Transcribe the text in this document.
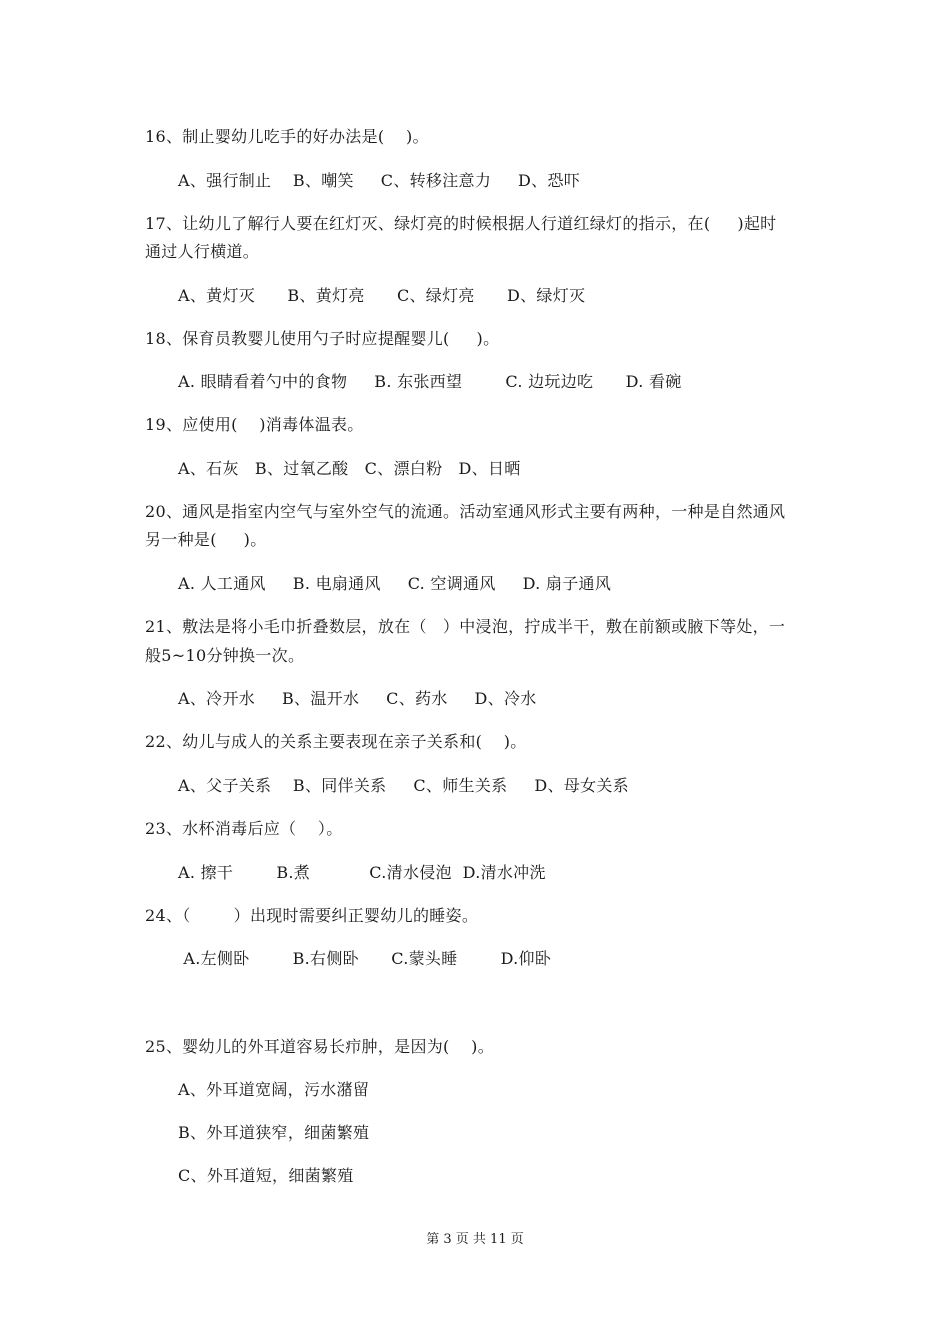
16、制止婴幼儿吃手的好办法是(    )。
A、强行制止    B、嘲笑     C、转移注意力     D、恐吓
17、让幼儿了解行人要在红灯灭、绿灯亮的时候根据人行道红绿灯的指示，在(     )起时
通过人行横道。
A、黄灯灭      B、黄灯亮      C、绿灯亮      D、绿灯灭
18、保育员教婴儿使用勺子时应提醒婴儿(     )。
A. 眼睛看着勺中的食物     B. 东张西望        C. 边玩边吃      D. 看碗
19、应使用(    )消毒体温表。
A、石灰   B、过氧乙酸   C、漂白粉   D、日晒
20、通风是指室内空气与室外空气的流通。活动室通风形式主要有两种，一种是自然通风
另一种是(     )。
A. 人工通风     B. 电扇通风     C. 空调通风     D. 扇子通风
21、敷法是将小毛巾折叠数层，放在（   ）中浸泡，拧成半干，敷在前额或腋下等处，一
般5~10分钟换一次。
A、冷开水     B、温开水     C、药水     D、冷水
22、幼儿与成人的关系主要表现在亲子关系和(    )。
A、父子关系    B、同伴关系     C、师生关系     D、母女关系
23、水杯消毒后应（    ）。
A. 擦干        B.煮           C.清水侵泡  D.清水冲洗
24、（        ）出现时需要纠正婴幼儿的睡姿。
A.左侧卧        B.右侧卧      C.蒙头睡        D.仰卧
25、婴幼儿的外耳道容易长疖肿，是因为(    )。
A、外耳道宽阔，污水潴留
B、外耳道狭窄，细菌繁殖
C、外耳道短，细菌繁殖
第 3 页 共 11 页
